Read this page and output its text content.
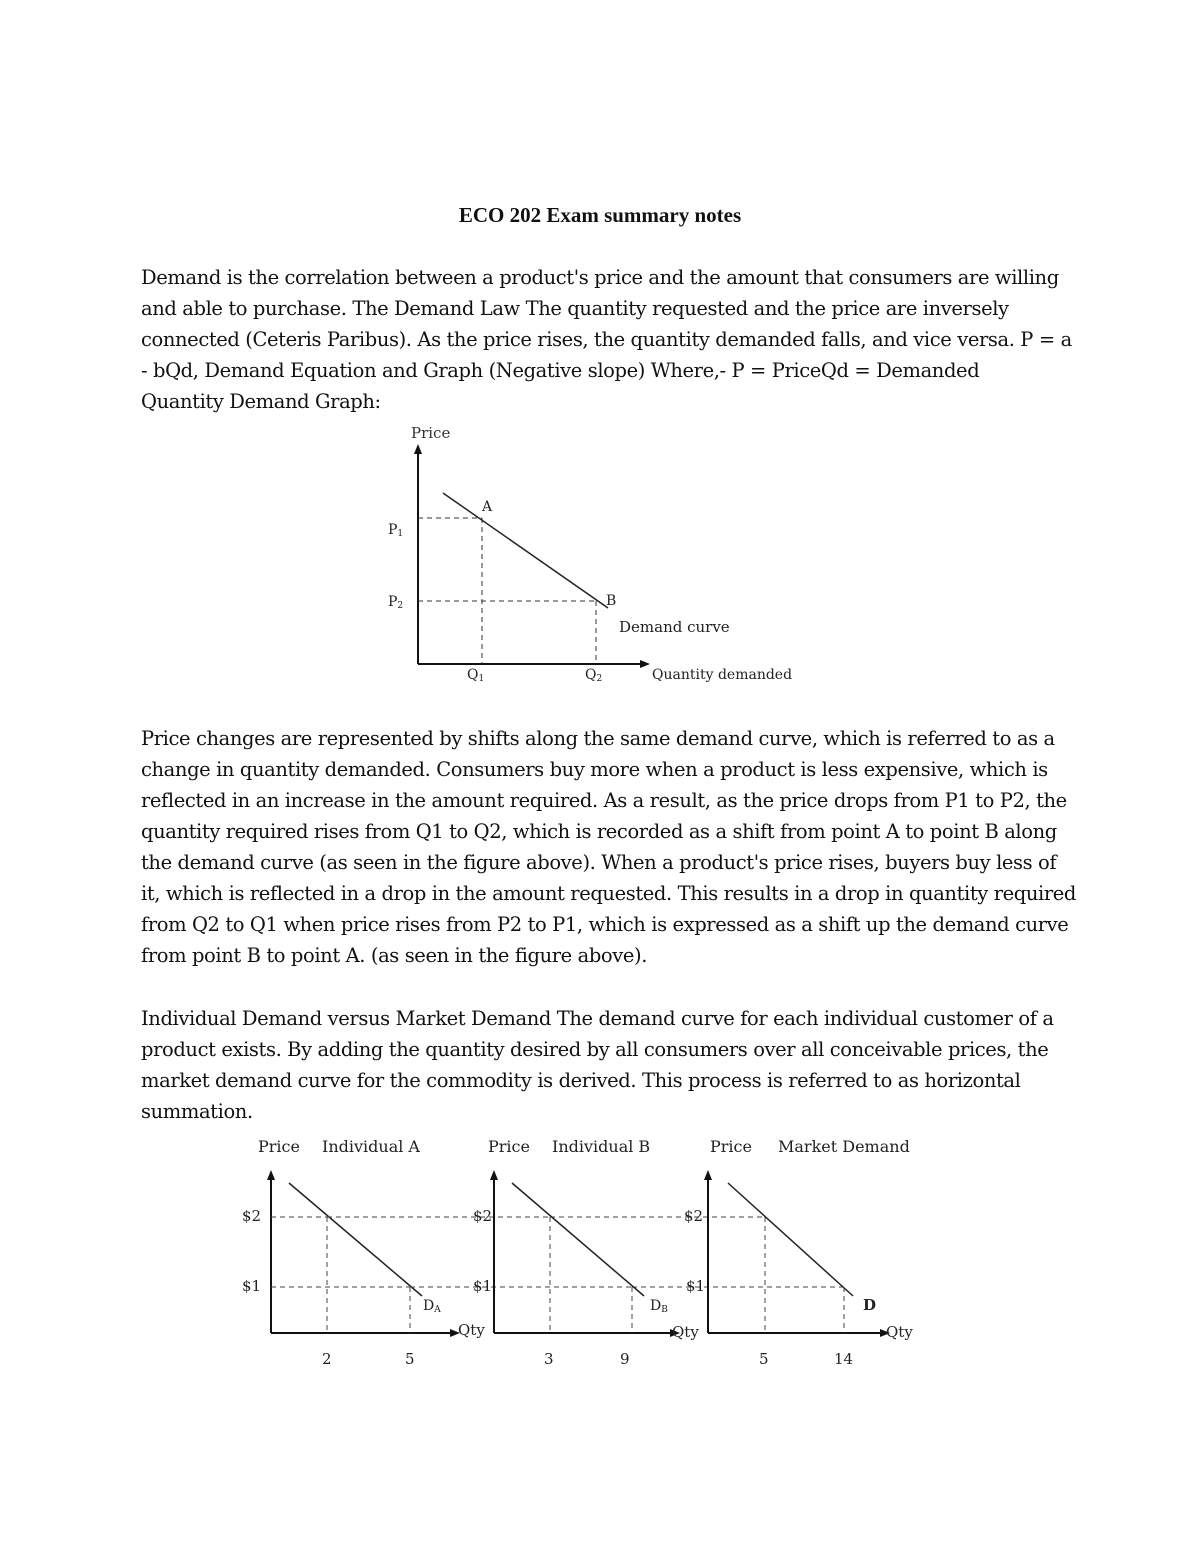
ECO 202 Exam summary notes
Demand is the correlation between a product's price and the amount that consumers are willing
and able to purchase. The Demand Law The quantity requested and the price are inversely
connected (Ceteris Paribus). As the price rises, the quantity demanded falls, and vice versa. P = a
- bQd, Demand Equation and Graph (Negative slope) Where,- P = PriceQd = Demanded
Quantity Demand Graph:
Price
A
B
P1
P2
Q1	Q2
Demand curve
Quantity demanded
Price changes are represented by shifts along the same demand curve, which is referred to as a
change in quantity demanded. Consumers buy more when a product is less expensive, which is
reflected in an increase in the amount required. As a result, as the price drops from P1 to P2, the
quantity required rises from Q1 to Q2, which is recorded as a shift from point A to point B along
the demand curve (as seen in the figure above). When a product's price rises, buyers buy less of
it, which is reflected in a drop in the amount requested. This results in a drop in quantity required
from Q2 to Q1 when price rises from P2 to P1, which is expressed as a shift up the demand curve
from point B to point A. (as seen in the figure above).
Individual Demand versus Market Demand The demand curve for each individual customer of a
product exists. By adding the quantity desired by all consumers over all conceivable prices, the
market demand curve for the commodity is derived. This process is referred to as horizontal
summation.
Price Individual A
$2
$1
DA
2	5
Qty
Price Individual B
$2
$1
DB
3	9
Qty
Price Market Demand
$2
$1
D
5	14
Qty
